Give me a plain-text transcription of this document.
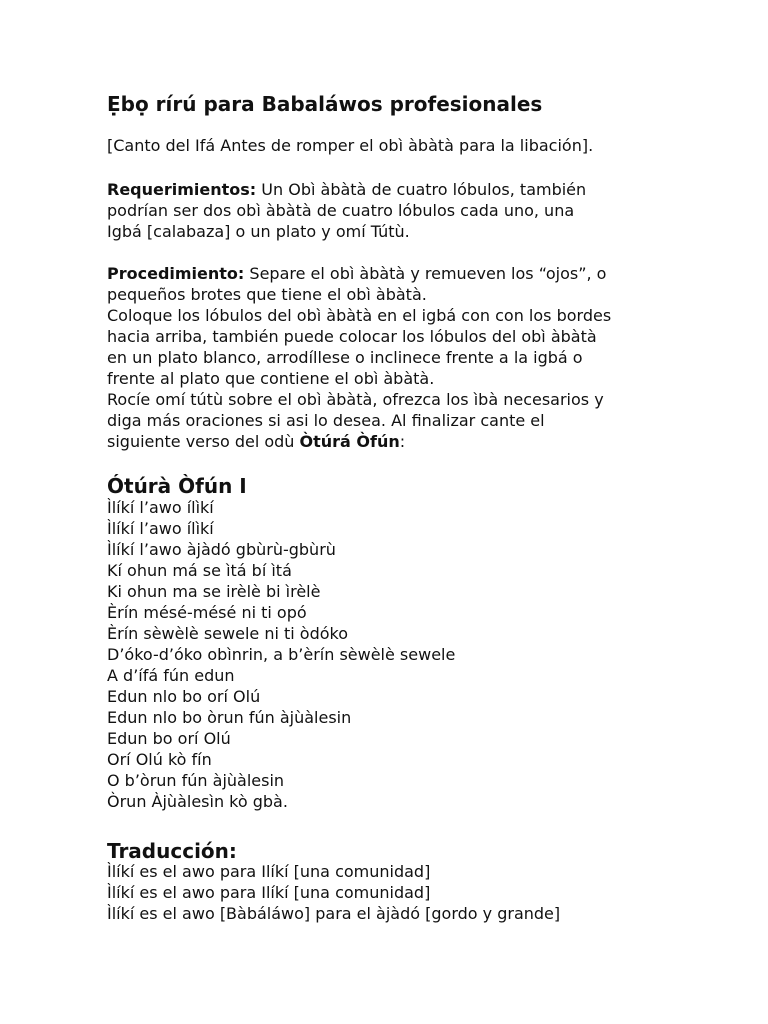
Ẹbọ rírú para Babaláwos profesionales

[Canto del Ifá Antes de romper el obì àbàtà para la libación].

Requerimientos: Un Obì àbàtà de cuatro lóbulos, también
podrían ser dos obì àbàtà de cuatro lóbulos cada uno, una
Igbá [calabaza] o un plato y omí Tútù.

Procedimiento: Separe el obì àbàtà y remueven los “ojos”, o
pequeños brotes que tiene el obì àbàtà.
Coloque los lóbulos del obì àbàtà en el igbá con con los bordes
hacia arriba, también puede colocar los lóbulos del obì àbàtà
en un plato blanco, arrodíllese o inclinece frente a la igbá o
frente al plato que contiene el obì àbàtà.
Rocíe omí tútù sobre el obì àbàtà, ofrezca los ìbà necesarios y
diga más oraciones si asi lo desea. Al finalizar cante el
siguiente verso del odù Òtúrá Òfún:

Ótúrà Òfún I
Ìlíkí l’awo ílìkí
Ìlíkí l’awo ílìkí
Ìlíkí l’awo àjàdó gbùrù-gbùrù
Kí ohun má se ìtá bí ìtá
Ki ohun ma se irèlè bi ìrèlè
Èrín mésé-mésé ni ti opó
Èrín sèwèlè sewele ni ti òdóko
D’óko-d’óko obìnrin, a b’èrín sèwèlè sewele
A d’ífá fún edun
Edun nlo bo orí Olú
Edun nlo bo òrun fún àjùàlesin
Edun bo orí Olú
Orí Olú kò fín
O b’òrun fún àjùàlesin
Òrun Àjùàlesìn kò gbà.
Traducción:
Ìlíkí es el awo para Ilíkí [una comunidad]
Ìlíkí es el awo para Ilíkí [una comunidad]
Ìlíkí es el awo [Bàbáláwo] para el àjàdó [gordo y grande]
